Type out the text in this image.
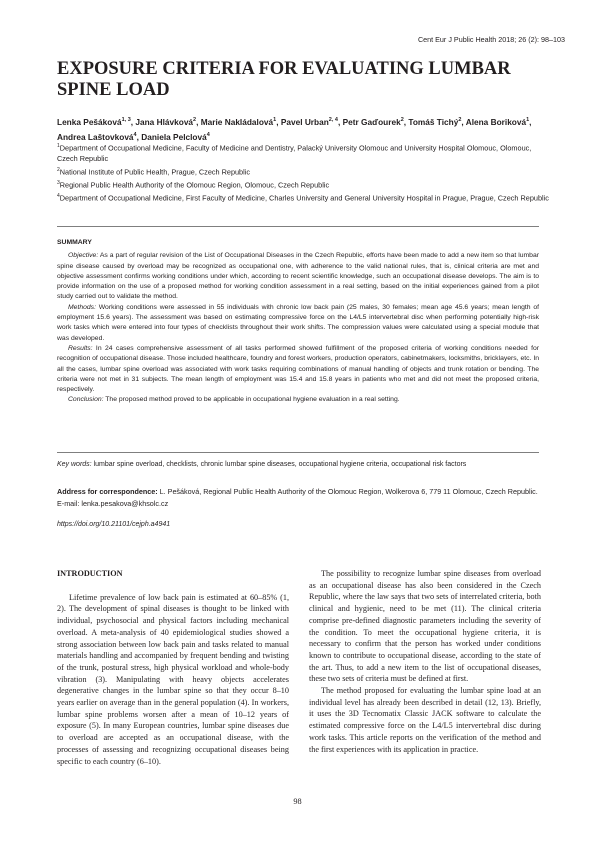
Cent Eur J Public Health 2018; 26 (2): 98–103
EXPOSURE CRITERIA FOR EVALUATING LUMBAR SPINE LOAD
Lenka Pešáková$^{1, 3}$, Jana Hlávková$^2$, Marie Nakládalová$^1$, Pavel Urban$^{2, 4}$, Petr Gaďourek$^2$, Tomáš Tichý$^2$, Alena Boriková$^1$, Andrea Laštovková$^4$, Daniela Pelclová$^4$

$^1$Department of Occupational Medicine, Faculty of Medicine and Dentistry, Palacký University Olomouc and University Hospital Olomouc, Olomouc, Czech Republic

$^2$National Institute of Public Health, Prague, Czech Republic

$^3$Regional Public Health Authority of the Olomouc Region, Olomouc, Czech Republic

$^4$Department of Occupational Medicine, First Faculty of Medicine, Charles University and General University Hospital in Prague, Prague, Czech Republic

SUMMARY

Objective: As a part of regular revision of the List of Occupational Diseases in the Czech Republic, efforts have been made to add a new item so that lumbar spine disease caused by overload may be recognized as occupational one, with adherence to the valid national rules, that is, clinical criteria are met and objective assessment confirms working conditions under which, according to recent scientific knowledge, such an occupational disease develops. The aim is to provide information on the use of a proposed method for working condition assessment in a real setting, based on the initial experiences gained from a pilot study carried out to validate the method.

Methods: Working conditions were assessed in 55 individuals with chronic low back pain (25 males, 30 females; mean age 45.6 years; mean length of employment 15.6 years). The assessment was based on estimating compressive force on the L4/L5 intervertebral disc when performing potentially high-risk work tasks which were entered into four types of checklists throughout their work shifts. The compression values were calculated using a special module that was developed.

Results: In 24 cases comprehensive assessment of all tasks performed showed fulfillment of the proposed criteria of working conditions needed for recognition of occupational disease. Those included healthcare, foundry and forest workers, production operators, cabinetmakers, locksmiths, bricklayers, etc. In all the cases, lumbar spine overload was associated with work tasks requiring combinations of manual handling of objects and trunk rotation or bending. The criteria were not met in 31 subjects. The mean length of employment was 15.4 and 15.8 years in patients who met and did not meet the proposed criteria, respectively.

Conclusion: The proposed method proved to be applicable in occupational hygiene evaluation in a real setting.

Key words: lumbar spine overload, checklists, chronic lumbar spine diseases, occupational hygiene criteria, occupational risk factors
Address for correspondence: L. Pešáková, Regional Public Health Authority of the Olomouc Region, Wolkerova 6, 779 11 Olomouc, Czech Republic. E-mail: lenka.pesakova@khsolc.cz
https://doi.org/10.21101/cejph.a4941
INTRODUCTION

Lifetime prevalence of low back pain is estimated at 60–85% (1, 2). The development of spinal diseases is thought to be linked with individual, psychosocial and physical factors including mechanical overload. A meta-analysis of 40 epidemiological studies showed a strong association between low back pain and tasks related to manual materials handling and accompanied by frequent bending and twisting of the trunk, postural stress, high physical workload and whole-body vibration (3). Manipulating with heavy objects accelerates degenerative changes in the lumbar spine so that they occur 8–10 years earlier on average than in the general population (4). In workers, lumbar spine problems worsen after a mean of 10–12 years of exposure (5). In many European countries, lumbar spine diseases due to overload are accepted as an occupational disease, with the processes of assessing and recognizing occupational diseases being specific to each country (6–10).

The possibility to recognize lumbar spine diseases from overload as an occupational disease has also been considered in the Czech Republic, where the law says that two sets of interrelated criteria, both clinical and hygienic, need to be met (11). The clinical criteria comprise pre-defined diagnostic parameters including the severity of the condition. To meet the occupational hygiene criteria, it is necessary to confirm that the person has worked under conditions known to contribute to occupational disease, according to the state of the art. Thus, to add a new item to the list of occupational diseases, these two sets of criteria must be defined at first.

The method proposed for evaluating the lumbar spine load at an individual level has already been described in detail (12, 13). Briefly, it uses the 3D Tecnomatix Classic JACK software to calculate the estimated compressive force on the L4/L5 intervertebral disc during work tasks. This article reports on the verification of the method and the first experiences with its application in practice.

98
